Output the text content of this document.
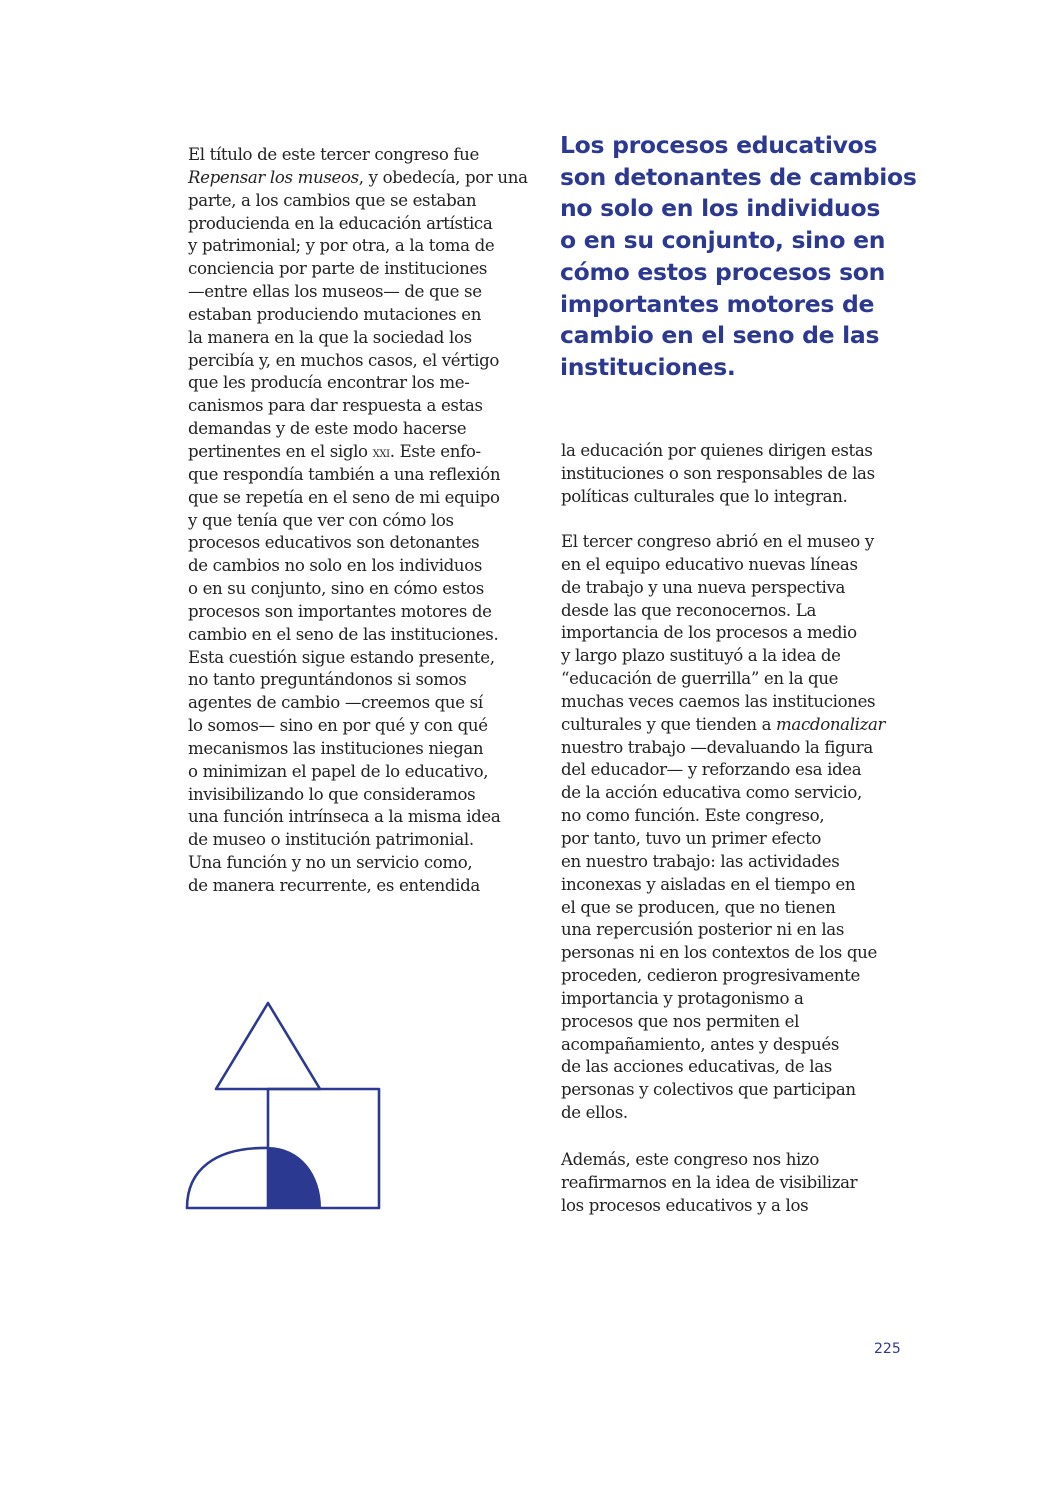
El título de este tercer congreso fue
Repensar los museos, y obedecía, por una
parte, a los cambios que se estaban
producienda en la educación artística
y patrimonial; y por otra, a la toma de
conciencia por parte de instituciones
—entre ellas los museos— de que se
estaban produciendo mutaciones en
la manera en la que la sociedad los
percibía y, en muchos casos, el vértigo
que les producía encontrar los me-
canismos para dar respuesta a estas
demandas y de este modo hacerse
pertinentes en el siglo xxi. Este enfo-
que respondía también a una reflexión
que se repetía en el seno de mi equipo
y que tenía que ver con cómo los
procesos educativos son detonantes
de cambios no solo en los individuos
o en su conjunto, sino en cómo estos
procesos son importantes motores de
cambio en el seno de las instituciones.
Esta cuestión sigue estando presente,
no tanto preguntándonos si somos
agentes de cambio —creemos que sí
lo somos— sino en por qué y con qué
mecanismos las instituciones niegan
o minimizan el papel de lo educativo,
invisibilizando lo que consideramos
una función intrínseca a la misma idea
de museo o institución patrimonial.
Una función y no un servicio como,
de manera recurrente, es entendida
Los procesos educativos
son detonantes de cambios
no solo en los individuos
o en su conjunto, sino en
cómo estos procesos son
importantes motores de
cambio en el seno de las
instituciones.
la educación por quienes dirigen estas
instituciones o son responsables de las
políticas culturales que lo integran.
El tercer congreso abrió en el museo y
en el equipo educativo nuevas líneas
de trabajo y una nueva perspectiva
desde las que reconocernos. La
importancia de los procesos a medio
y largo plazo sustituyó a la idea de
“educación de guerrilla” en la que
muchas veces caemos las instituciones
culturales y que tienden a macdonalizar
nuestro trabajo —devaluando la figura
del educador— y reforzando esa idea
de la acción educativa como servicio,
no como función. Este congreso,
por tanto, tuvo un primer efecto
en nuestro trabajo: las actividades
inconexas y aisladas en el tiempo en
el que se producen, que no tienen
una repercusión posterior ni en las
personas ni en los contextos de los que
proceden, cedieron progresivamente
importancia y protagonismo a
procesos que nos permiten el
acompañamiento, antes y después
de las acciones educativas, de las
personas y colectivos que participan
de ellos.
Además, este congreso nos hizo
reafirmarnos en la idea de visibilizar
los procesos educativos y a los
225
